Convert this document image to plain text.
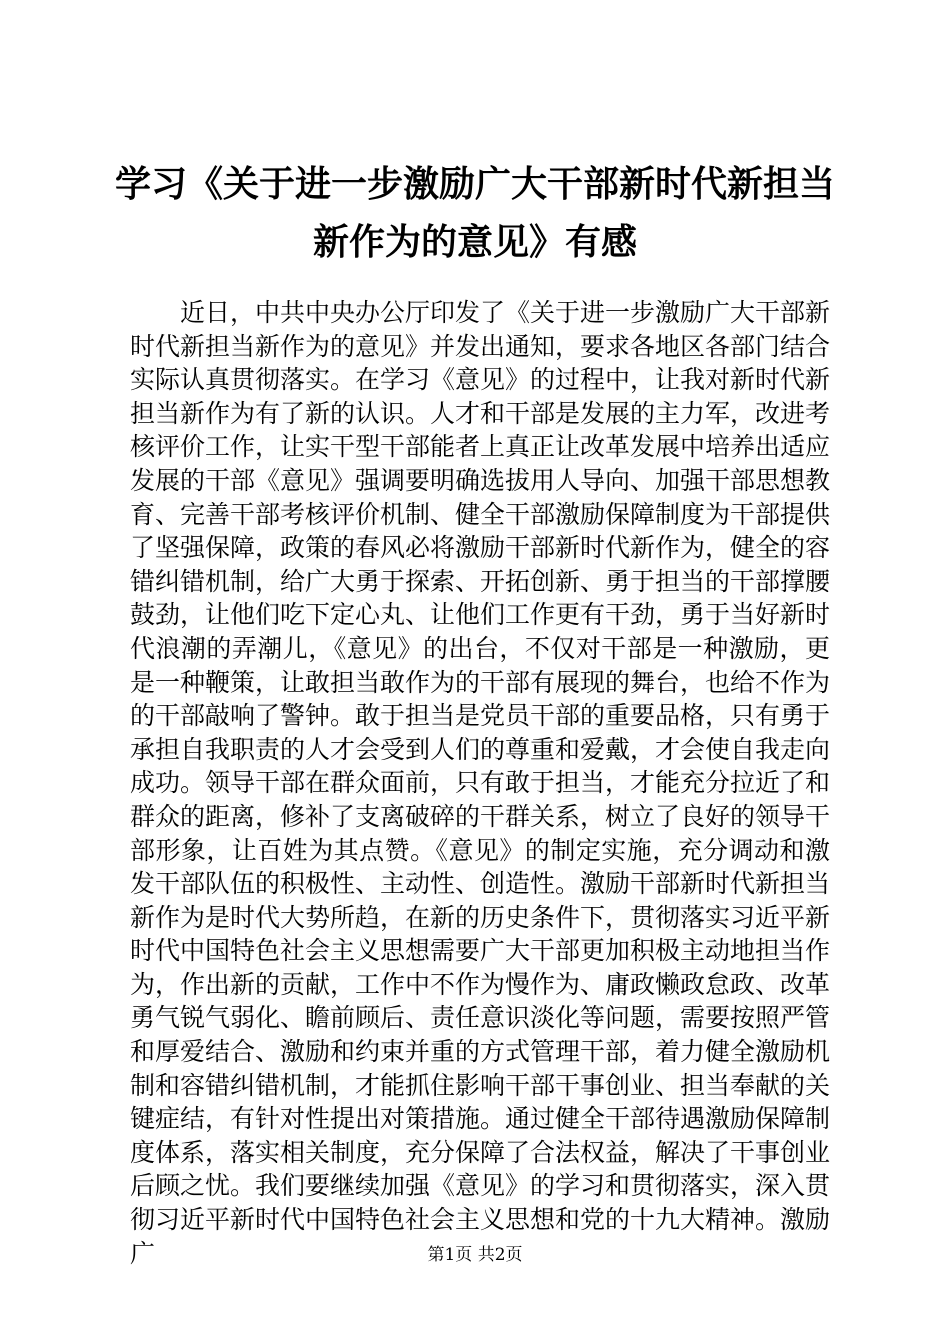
学习《关于进一步激励广大干部新时代新担当
新作为的意见》有感

近日，中共中央办公厅印发了《关于进一步激励广大干部新时代新担当新作为的意见》并发出通知，要求各地区各部门结合实际认真贯彻落实。在学习《意见》的过程中，让我对新时代新担当新作为有了新的认识。人才和干部是发展的主力军，改进考核评价工作，让实干型干部能者上真正让改革发展中培养出适应发展的干部《意见》强调要明确选拔用人导向、加强干部思想教育、完善干部考核评价机制、健全干部激励保障制度为干部提供了坚强保障，政策的春风必将激励干部新时代新作为，健全的容错纠错机制，给广大勇于探索、开拓创新、勇于担当的干部撑腰鼓劲，让他们吃下定心丸、让他们工作更有干劲，勇于当好新时代浪潮的弄潮儿，《意见》的出台，不仅对干部是一种激励，更是一种鞭策，让敢担当敢作为的干部有展现的舞台，也给不作为的干部敲响了警钟。敢于担当是党员干部的重要品格，只有勇于承担自我职责的人才会受到人们的尊重和爱戴，才会使自我走向成功。领导干部在群众面前，只有敢于担当，才能充分拉近了和群众的距离，修补了支离破碎的干群关系，树立了良好的领导干部形象，让百姓为其点赞。《意见》的制定实施，充分调动和激发干部队伍的积极性、主动性、创造性。激励干部新时代新担当新作为是时代大势所趋，在新的历史条件下，贯彻落实习近平新时代中国特色社会主义思想需要广大干部更加积极主动地担当作为，作出新的贡献，工作中不作为慢作为、庸政懒政怠政、改革勇气锐气弱化、瞻前顾后、责任意识淡化等问题，需要按照严管和厚爱结合、激励和约束并重的方式管理干部，着力健全激励机制和容错纠错机制，才能抓住影响干部干事创业、担当奉献的关键症结，有针对性提出对策措施。通过健全干部待遇激励保障制度体系，落实相关制度，充分保障了合法权益，解决了干事创业后顾之忧。我们要继续加强《意见》的学习和贯彻落实，深入贯彻习近平新时代中国特色社会主义思想和党的十九大精神。激励广	第1页 共2页
